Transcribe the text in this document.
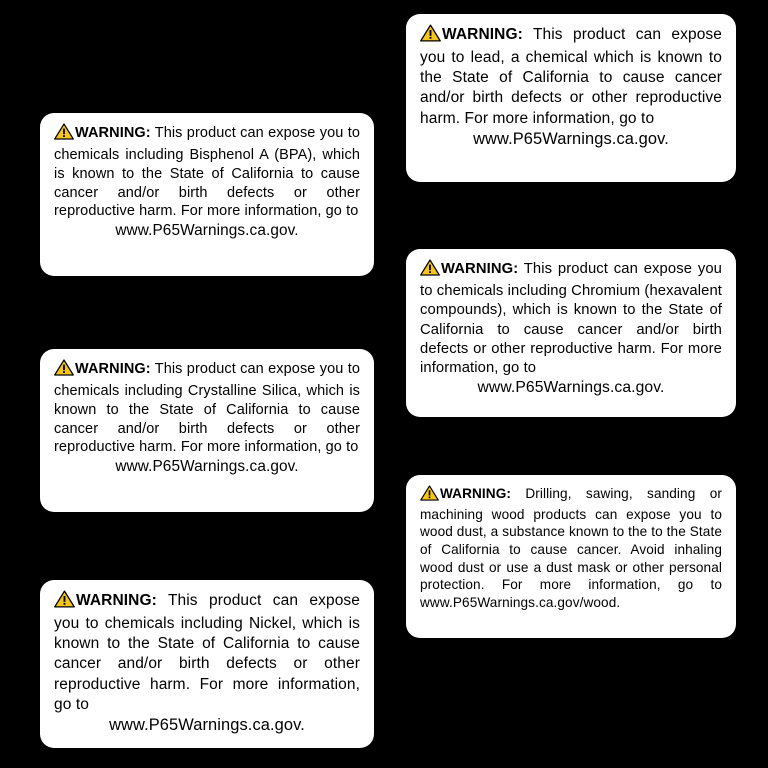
WARNING: This product can expose you to chemicals including Bisphenol A (BPA), which is known to the State of California to cause cancer and/or birth defects or other reproductive harm. For more information, go to
www.P65Warnings.ca.gov.
WARNING: This product can expose you to lead, a chemical which is known to the State of California to cause cancer and/or birth defects or other reproductive harm. For more information, go to
www.P65Warnings.ca.gov.
WARNING: This product can expose you to chemicals including Crystalline Silica, which is known to the State of California to cause cancer and/or birth defects or other reproductive harm. For more information, go to
www.P65Warnings.ca.gov.
WARNING: This product can expose you to chemicals including Chromium (hexavalent compounds), which is known to the State of California to cause cancer and/or birth defects or other reproductive harm. For more information, go to
www.P65Warnings.ca.gov.
WARNING: This product can expose you to chemicals including Nickel, which is known to the State of California to cause cancer and/or birth defects or other reproductive harm. For more information, go to
www.P65Warnings.ca.gov.
WARNING: Drilling, sawing, sanding or machining wood products can expose you to wood dust, a substance known to the to the State of California to cause cancer. Avoid inhaling wood dust or use a dust mask or other personal protection. For more information, go to www.P65Warnings.ca.gov/wood.
